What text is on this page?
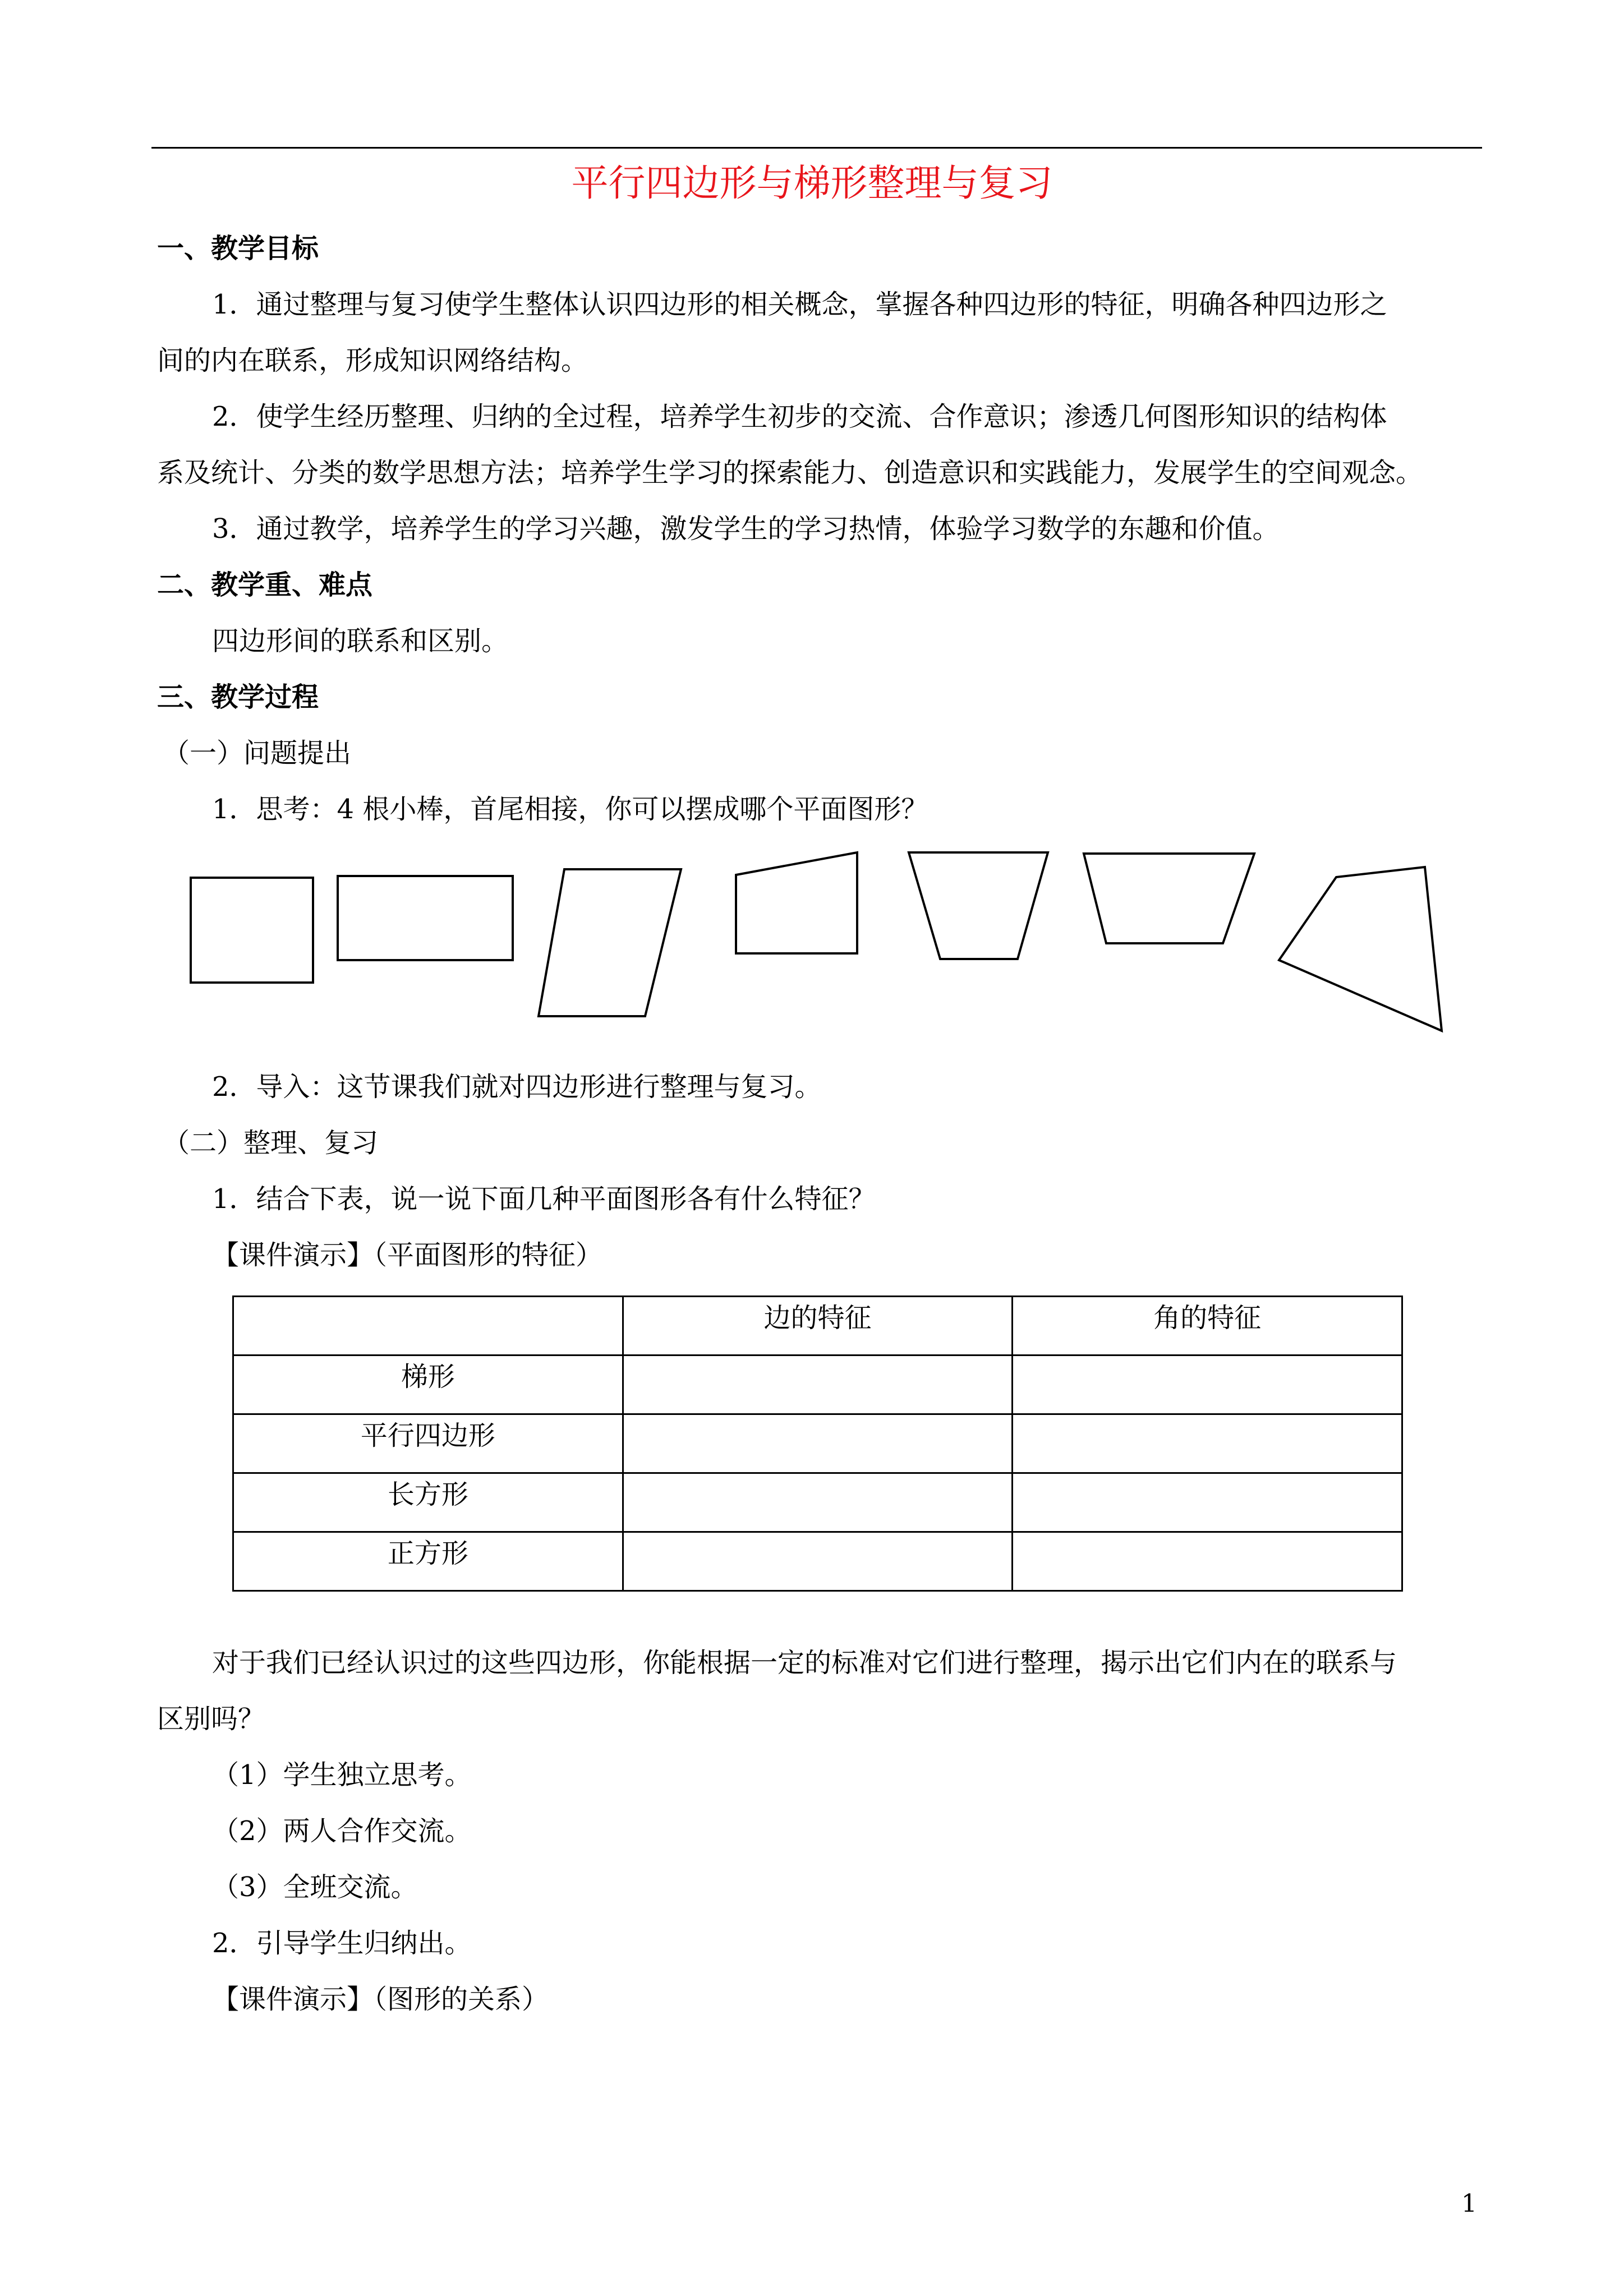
平行四边形与梯形整理与复习
一、教学目标
1．通过整理与复习使学生整体认识四边形的相关概念，掌握各种四边形的特征，明确各种四边形之
间的内在联系，形成知识网络结构。
2．使学生经历整理、归纳的全过程，培养学生初步的交流、合作意识；渗透几何图形知识的结构体
系及统计、分类的数学思想方法；培养学生学习的探索能力、创造意识和实践能力，发展学生的空间观念。
3．通过教学，培养学生的学习兴趣，激发学生的学习热情，体验学习数学的东趣和价值。
二、教学重、难点
四边形间的联系和区别。
三、教学过程
（一）问题提出
1．思考：4 根小棒，首尾相接，你可以摆成哪个平面图形？
2．导入：这节课我们就对四边形进行整理与复习。
（二）整理、复习
1．结合下表，说一说下面几种平面图形各有什么特征？
【课件演示】（平面图形的特征）
	边的特征	角的特征
梯形		
平行四边形		
长方形		
正方形		
对于我们已经认识过的这些四边形，你能根据一定的标准对它们进行整理，揭示出它们内在的联系与
区别吗？
（1）学生独立思考。
（2）两人合作交流。
（3）全班交流。
2．引导学生归纳出。
【课件演示】（图形的关系）
1
